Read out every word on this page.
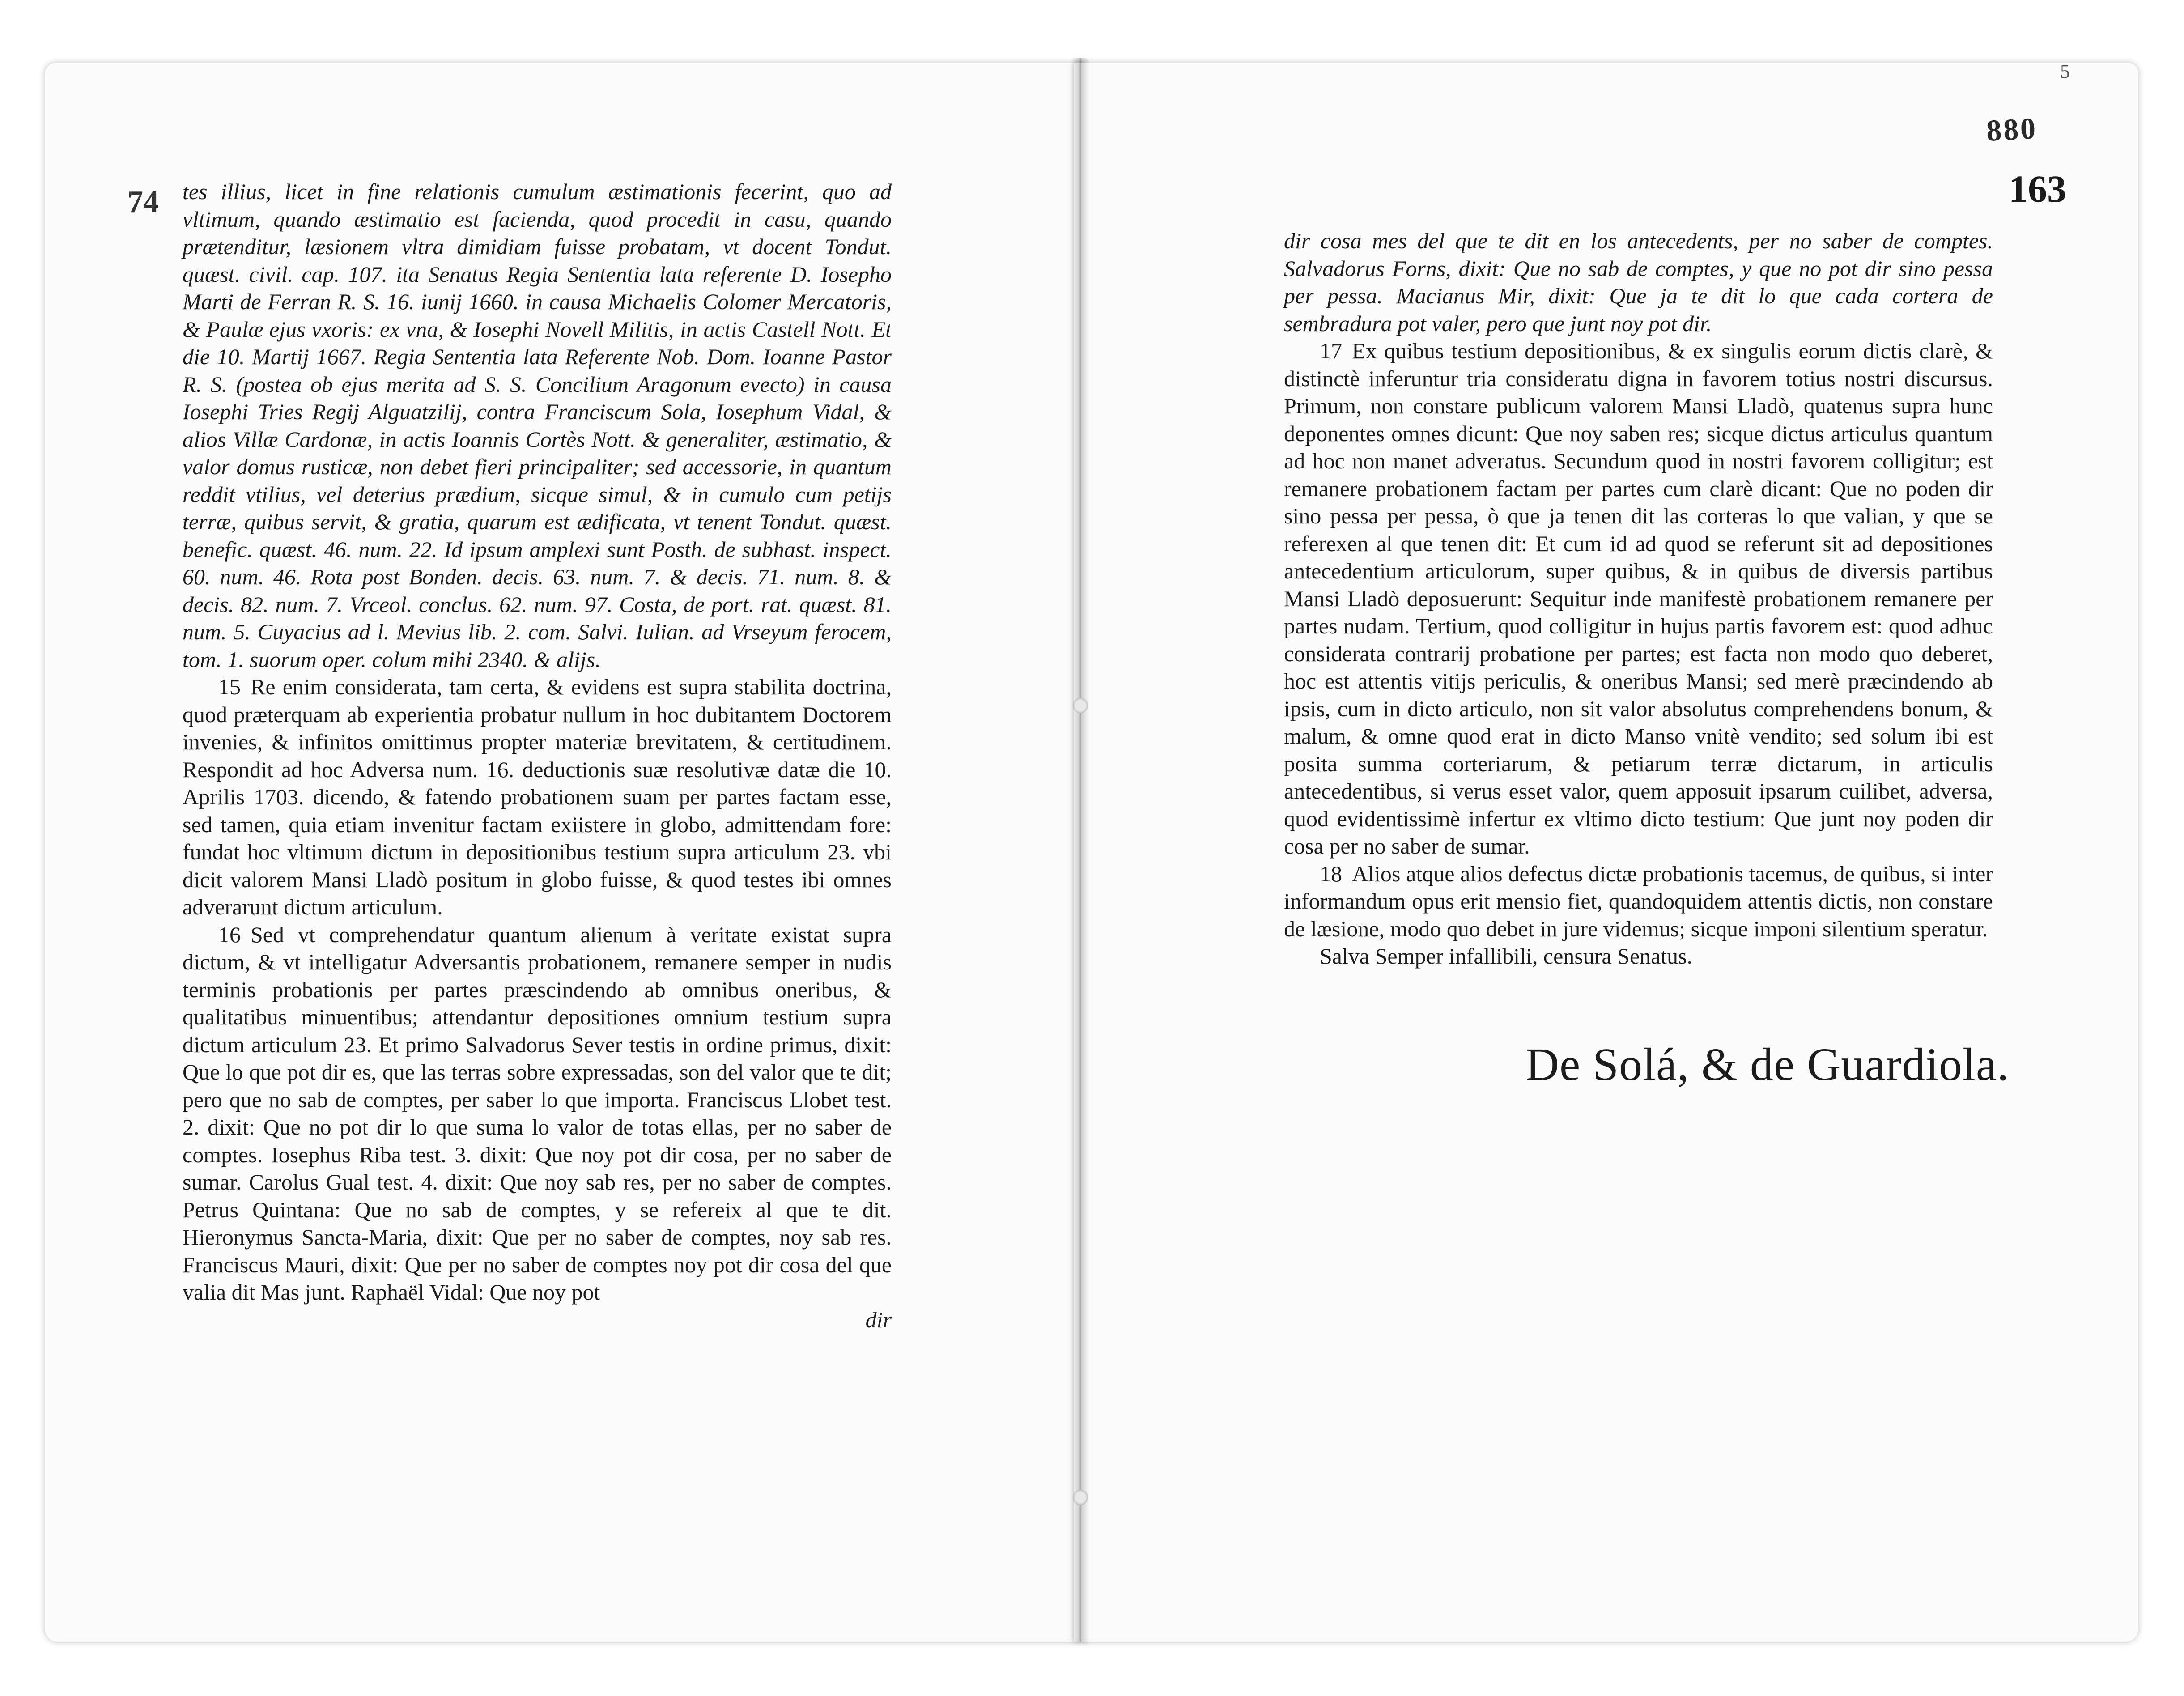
74
5
880
163

tes illius, licet in fine relationis cumulum æstimationis fecerint, quo ad vltimum, quando æstimatio est facienda, quod procedit in casu, quando prætenditur, læsionem vltra dimidiam fuisse probatam, vt docent Tondut. quæst. civil. cap. 107. ita Senatus Regia Sententia lata referente D. Iosepho Marti de Ferran R. S. 16. iunij 1660. in causa Michaelis Colomer Mercatoris, & Paulæ ejus vxoris: ex vna, & Iosephi Novell Militis, in actis Castell Nott. Et die 10. Martij 1667. Regia Sententia lata Referente Nob. Dom. Ioanne Pastor R. S. (postea ob ejus merita ad S. S. Concilium Aragonum evecto) in causa Iosephi Tries Regij Alguatzilij, contra Franciscum Sola, Iosephum Vidal, & alios Villæ Cardonæ, in actis Ioannis Cortès Nott. & generaliter, æstimatio, & valor domus rusticæ, non debet fieri principaliter; sed accessorie, in quantum reddit vtilius, vel deterius prædium, sicque simul, & in cumulo cum petijs terræ, quibus servit, & gratia, quarum est ædificata, vt tenent Tondut. quæst. benefic. quæst. 46. num. 22. Id ipsum amplexi sunt Posth. de subhast. inspect. 60. num. 46. Rota post Bonden. decis. 63. num. 7. & decis. 71. num. 8. & decis. 82. num. 7. Vrceol. conclus. 62. num. 97. Costa, de port. rat. quæst. 81. num. 5. Cuyacius ad l. Mevius lib. 2. com. Salvi. Iulian. ad Vrseyum ferocem, tom. 1. suorum oper. colum mihi 2340. & alijs.

15 Re enim considerata, tam certa, & evidens est supra stabilita doctrina, quod præterquam ab experientia probatur nullum in hoc dubitantem Doctorem invenies, & infinitos omittimus propter materiæ brevitatem, & certitudinem. Respondit ad hoc Adversa num. 16. deductionis suæ resolutivæ datæ die 10. Aprilis 1703. dicendo, & fatendo probationem suam per partes factam esse, sed tamen, quia etiam invenitur factam exiistere in globo, admittendam fore: fundat hoc vltimum dictum in depositionibus testium supra articulum 23. vbi dicit valorem Mansi Lladò positum in globo fuisse, & quod testes ibi omnes adverarunt dictum articulum.

16 Sed vt comprehendatur quantum alienum à veritate existat supra dictum, & vt intelligatur Adversantis probationem, remanere semper in nudis terminis probationis per partes præscindendo ab omnibus oneribus, & qualitatibus minuentibus; attendantur depositiones omnium testium supra dictum articulum 23. Et primo Salvadorus Sever testis in ordine primus, dixit: Que lo que pot dir es, que las terras sobre expressadas, son del valor que te dit; pero que no sab de comptes, per saber lo que importa. Franciscus Llobet test. 2. dixit: Que no pot dir lo que suma lo valor de totas ellas, per no saber de comptes. Iosephus Riba test. 3. dixit: Que noy pot dir cosa, per no saber de sumar. Carolus Gual test. 4. dixit: Que noy sab res, per no saber de comptes. Petrus Quintana: Que no sab de comptes, y se refereix al que te dit. Hieronymus Sancta-Maria, dixit: Que per no saber de comptes, noy sab res. Franciscus Mauri, dixit: Que per no saber de comptes noy pot dir cosa del que valia dit Mas junt. Raphaël Vidal: Que noy pot

dir

dir cosa mes del que te dit en los antecedents, per no saber de comptes. Salvadorus Forns, dixit: Que no sab de comptes, y que no pot dir sino pessa per pessa. Macianus Mir, dixit: Que ja te dit lo que cada corterа de sembradura pot valer, pero que junt noy pot dir.

17 Ex quibus testium depositionibus, & ex singulis eorum dictis clarè, & distinctè inferuntur tria consideratu digna in favorem totius nostri discursus. Primum, non constare publicum valorem Mansi Lladò, quatenus supra hunc deponentes omnes dicunt: Que noy saben res; sicque dictus articulus quantum ad hoc non manet adveratus. Secundum quod in nostri favorem colligitur; est remanere probationem factam per partes cum clarè dicant: Que no poden dir sino pessa per pessa, ò que ja tenen dit las corteras lo que valian, y que se referexen al que tenen dit: Et cum id ad quod se referunt sit ad depositiones antecedentium articulorum, super quibus, & in quibus de diversis partibus Mansi Lladò deposuerunt: Sequitur inde manifestè probationem remanere per partes nudam. Tertium, quod colligitur in hujus partis favorem est: quod adhuc considerata contrarij probatione per partes; est facta non modo quo deberet, hoc est attentis vitijs periculis, & oneribus Mansi; sed merè præcindendo ab ipsis, cum in dicto articulo, non sit valor absolutus comprehendens bonum, & malum, & omne quod erat in dicto Manso vnitè vendito; sed solum ibi est posita summa corteriarum, & petiarum terræ dictarum, in articulis antecedentibus, si verus esset valor, quem apposuit ipsarum cuilibet, adversa, quod evidentissimè infertur ex vltimo dicto testium: Que junt noy poden dir cosa per no saber de sumar.

18 Alios atque alios defectus dictæ probationis tacemus, de quibus, si inter informandum opus erit mensio fiet, quandoquidem attentis dictis, non constare de læsione, modo quo debet in jure videmus; sicque imponi silentium speratur.

Salva Semper infallibili, censura Senatus.

De Solá, & de Guardiola.
